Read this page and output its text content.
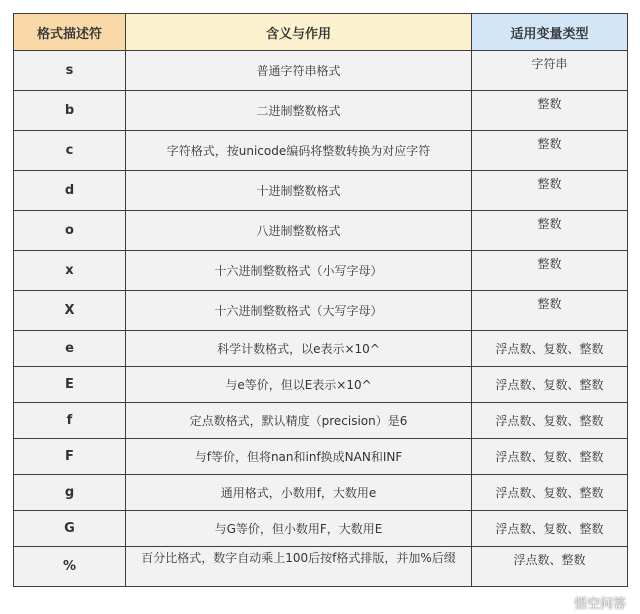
格式描述符	含义与作用	适用变量类型
s	普通字符串格式	字符串
b	二进制整数格式	整数
c	字符格式，按unicode编码将整数转换为对应字符	整数
d	十进制整数格式	整数
o	八进制整数格式	整数
x	十六进制整数格式（小写字母）	整数
X	十六进制整数格式（大写字母）	整数
e	科学计数格式，以e表示×10^	浮点数、复数、整数
E	与e等价，但以E表示×10^	浮点数、复数、整数
f	定点数格式，默认精度（precision）是6	浮点数、复数、整数
F	与f等价，但将nan和inf换成NAN和INF	浮点数、复数、整数
g	通用格式，小数用f，大数用e	浮点数、复数、整数
G	与G等价，但小数用F，大数用E	浮点数、复数、整数
%	百分比格式，数字自动乘上100后按f格式排版，并加%后缀	浮点数、整数
悟空问答
